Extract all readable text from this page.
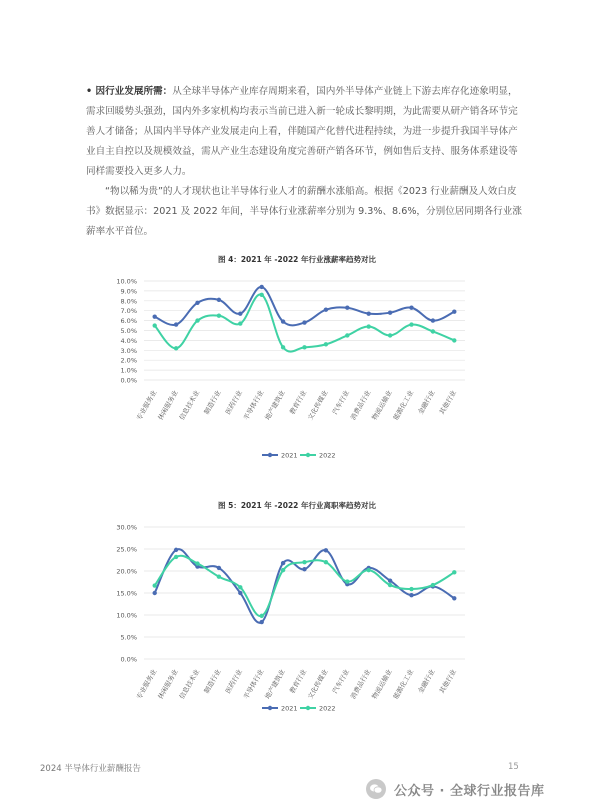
• 因行业发展所需：从全球半导体产业库存周期来看，国内外半导体产业链上下游去库存化迹象明显，需求回暖势头强劲，国内外多家机构均表示当前已进入新一轮成长黎明期，为此需要从研产销各环节完善人才储备；从国内半导体产业发展走向上看，伴随国产化替代进程持续，为进一步提升我国半导体产业自主自控以及规模效益，需从产业生态建设角度完善研产销各环节，例如售后支持、服务体系建设等同样需要投入更多人力。

“物以稀为贵”的人才现状也让半导体行业人才的薪酬水涨船高。根据《2023 行业薪酬及人效白皮书》数据显示：2021 及 2022 年间，半导体行业涨薪率分别为 9.3%、8.6%，分别位居同期各行业涨薪率水平首位。

图 4：2021 年 -2022 年行业涨薪率趋势对比
0.0%
1.0%
2.0%
3.0%
4.0%
5.0%
6.0%
7.0%
8.0%
9.0%
10.0%
专业服务业
休闲服务业
信息技术业 制造行业 医药行业
半导体行业
地产建筑业 教育行业
文化传媒业 汽车行业
消费品行业
物流运输业
能源化工业 金融行业 其他行业
2021	2022
图 5：2021 年 -2022 年行业离职率趋势对比
0.0%
5.0%
10.0%
15.0%
20.0%
25.0%
30.0%
专业服务业
休闲服务业
信息技术业 制造行业 医药行业
半导体行业
地产建筑业 教育行业
文化传媒业 汽车行业
消费品行业
物流运输业
能源化工业 金融行业 其他行业
2021	2022
2024 半导体行业薪酬报告	15
公众号 · 全球行业报告库
